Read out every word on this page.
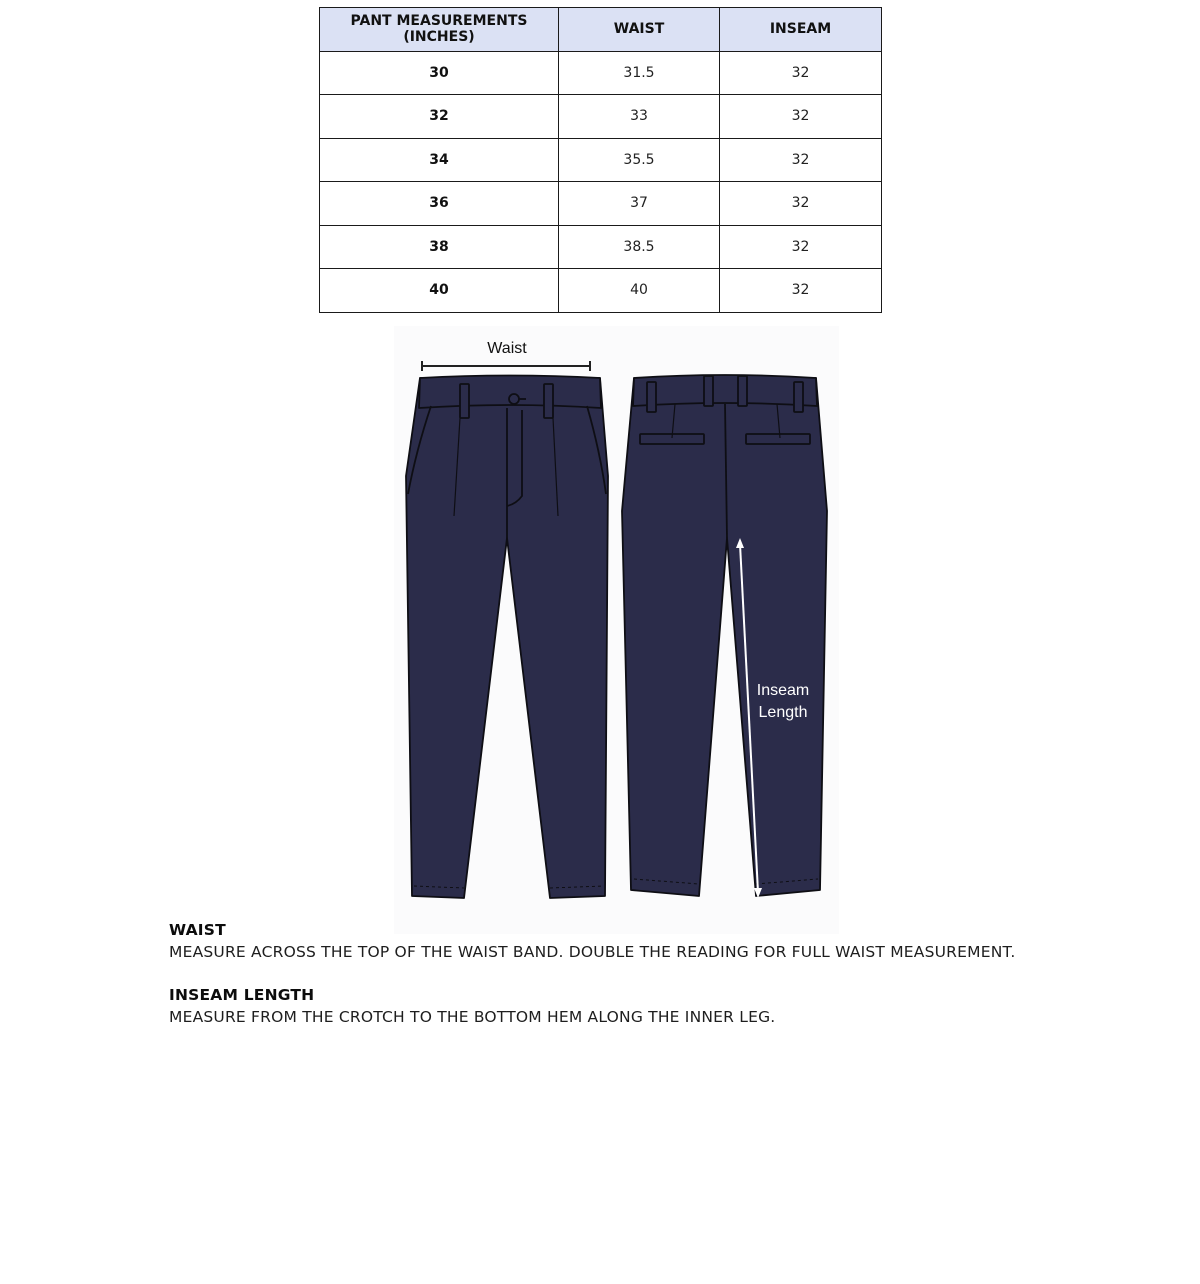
PANT MEASUREMENTS (INCHES)	WAIST	INSEAM
30	31.5	32
32	33	32
34	35.5	32
36	37	32
38	38.5	32
40	40	32
Waist
Inseam
Length
WAIST
MEASURE ACROSS THE TOP OF THE WAIST BAND. DOUBLE THE READING FOR FULL WAIST MEASUREMENT.
INSEAM LENGTH
MEASURE FROM THE CROTCH TO THE BOTTOM HEM ALONG THE INNER LEG.
